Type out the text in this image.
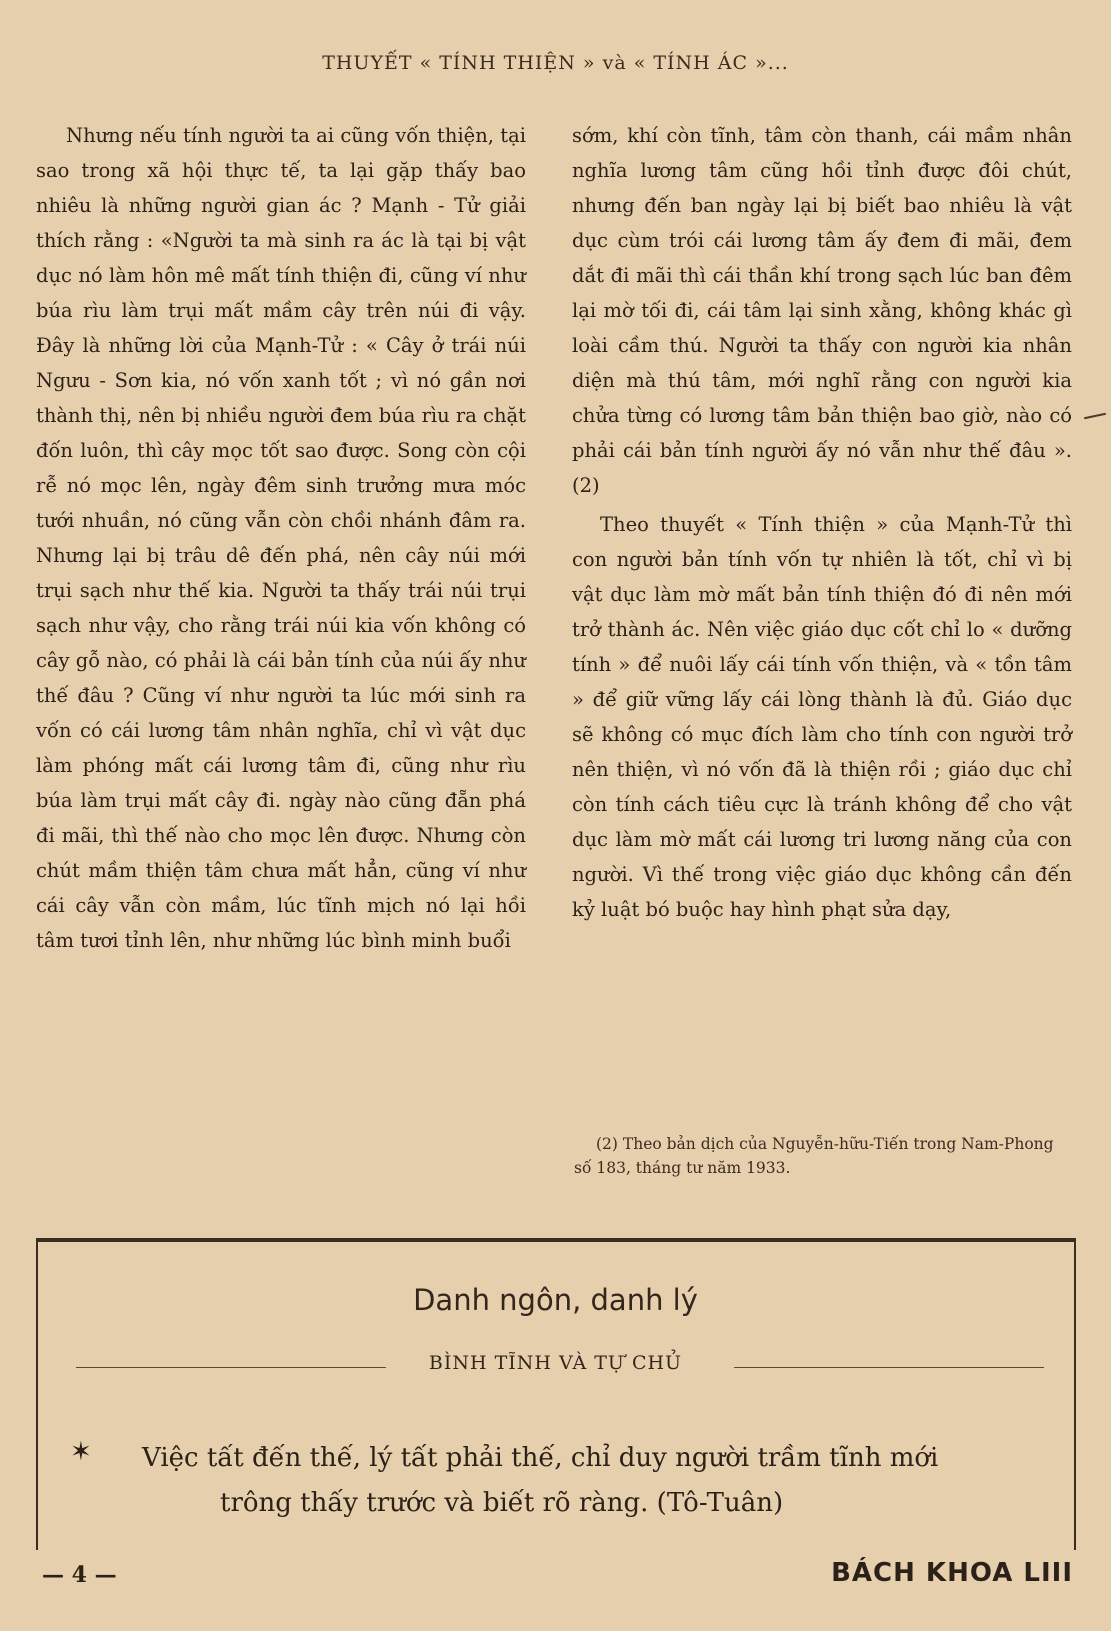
THUYẾT « TÍNH THIỆN » và « TÍNH ÁC »...

Nhưng nếu tính người ta ai cũng vốn thiện, tại sao trong xã hội thực tế, ta lại gặp thấy bao nhiêu là những người gian ác ? Mạnh - Tử giải thích rằng : «Người ta mà sinh ra ác là tại bị vật dục nó làm hôn mê mất tính thiện đi, cũng ví như búa rìu làm trụi mất mầm cây trên núi đi vậy. Đây là những lời của Mạnh-Tử : « Cây ở trái núi Ngưu - Sơn kia, nó vốn xanh tốt ; vì nó gần nơi thành thị, nên bị nhiều người đem búa rìu ra chặt đốn luôn, thì cây mọc tốt sao được. Song còn cội rễ nó mọc lên, ngày đêm sinh trưởng mưa móc tưới nhuần, nó cũng vẫn còn chồi nhánh đâm ra. Nhưng lại bị trâu dê đến phá, nên cây núi mới trụi sạch như thế kia. Người ta thấy trái núi trụi sạch như vậy, cho rằng trái núi kia vốn không có cây gỗ nào, có phải là cái bản tính của núi ấy như thế đâu ? Cũng ví như người ta lúc mới sinh ra vốn có cái lương tâm nhân nghĩa, chỉ vì vật dục làm phóng mất cái lương tâm đi, cũng như rìu búa làm trụi mất cây đi. ngày nào cũng đẵn phá đi mãi, thì thế nào cho mọc lên được. Nhưng còn chút mầm thiện tâm chưa mất hẳn, cũng ví như cái cây vẫn còn mầm, lúc tĩnh mịch nó lại hồi tâm tươi tỉnh lên, như những lúc bình minh buổi

sớm, khí còn tĩnh, tâm còn thanh, cái mầm nhân nghĩa lương tâm cũng hồi tỉnh được đôi chút, nhưng đến ban ngày lại bị biết bao nhiêu là vật dục cùm trói cái lương tâm ấy đem đi mãi, đem dắt đi mãi thì cái thần khí trong sạch lúc ban đêm lại mờ tối đi, cái tâm lại sinh xằng, không khác gì loài cầm thú. Người ta thấy con người kia nhân diện mà thú tâm, mới nghĩ rằng con người kia chửa từng có lương tâm bản thiện bao giờ, nào có phải cái bản tính người ấy nó vẫn như thế đâu ». (2)

Theo thuyết « Tính thiện » của Mạnh-Tử thì con người bản tính vốn tự nhiên là tốt, chỉ vì bị vật dục làm mờ mất bản tính thiện đó đi nên mới trở thành ác. Nên việc giáo dục cốt chỉ lo « dưỡng tính » để nuôi lấy cái tính vốn thiện, và « tồn tâm » để giữ vững lấy cái lòng thành là đủ. Giáo dục sẽ không có mục đích làm cho tính con người trở nên thiện, vì nó vốn đã là thiện rồi ; giáo dục chỉ còn tính cách tiêu cực là tránh không để cho vật dục làm mờ mất cái lương tri lương năng của con người. Vì thế trong việc giáo dục không cần đến kỷ luật bó buộc hay hình phạt sửa dạy,

(2) Theo bản dịch của Nguyễn-hữu-Tiến trong Nam-Phong số 183, tháng tư năm 1933.
Danh ngôn, danh lý
BÌNH TĨNH VÀ TỰ CHỦ
✶ Việc tất đến thế, lý tất phải thế, chỉ duy người trầm tĩnh mới
trông thấy trước và biết rõ ràng. (Tô-Tuân)
— 4 —	BÁCH KHOA LIII
